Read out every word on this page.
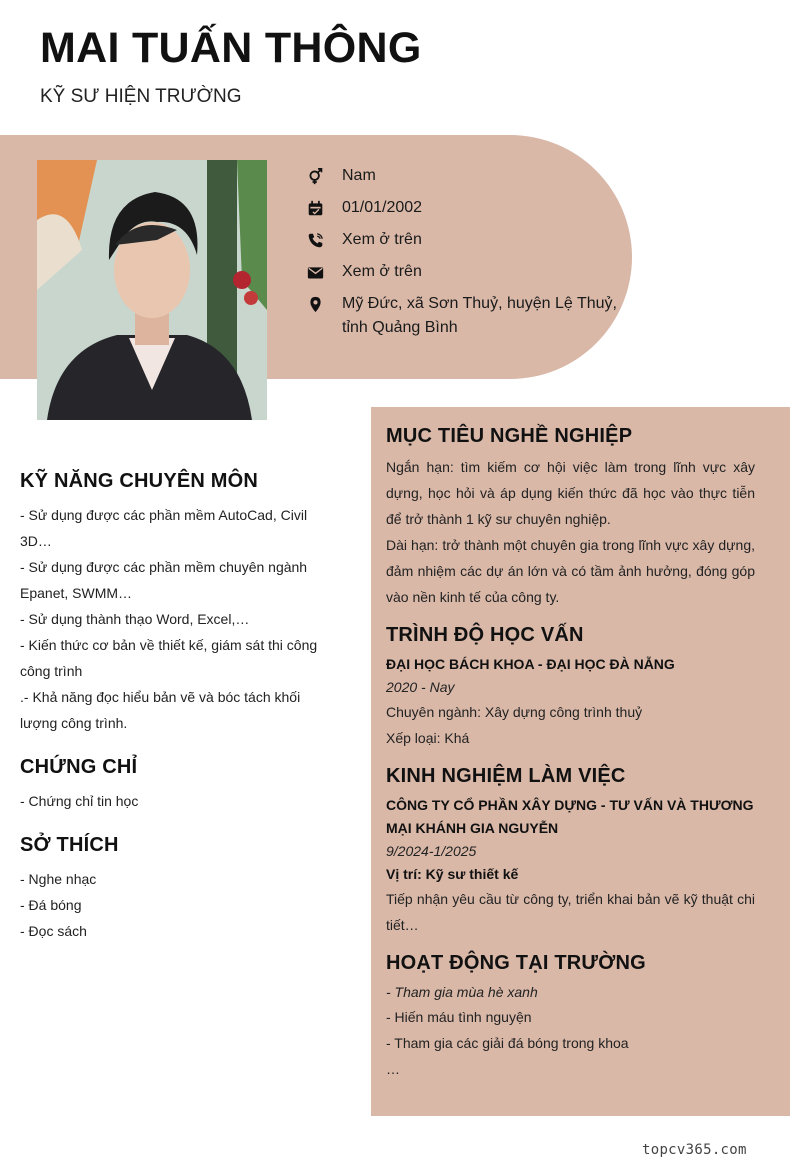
MAI TUẤN THÔNG
KỸ SƯ HIỆN TRƯỜNG
Nam
01/01/2002
Xem ở trên
Xem ở trên
Mỹ Đức, xã Sơn Thuỷ, huyện Lệ Thuỷ, tỉnh Quảng Bình
KỸ NĂNG CHUYÊN MÔN
- Sử dụng được các phần mềm AutoCad, Civil 3D…
- Sử dụng được các phần mềm chuyên ngành Epanet, SWMM…
- Sử dụng thành thạo Word, Excel,…
- Kiến thức cơ bản về thiết kế, giám sát thi công công trình
.- Khả năng đọc hiểu bản vẽ và bóc tách khối lượng công trình.
CHỨNG CHỈ
- Chứng chỉ tin học
SỞ THÍCH
- Nghe nhạc
- Đá bóng
- Đọc sách
MỤC TIÊU NGHỀ NGHIỆP
Ngắn hạn: tìm kiếm cơ hội việc làm trong lĩnh vực xây dựng, học hỏi và áp dụng kiến thức đã học vào thực tiễn để trở thành 1 kỹ sư chuyên nghiệp.
Dài hạn: trở thành một chuyên gia trong lĩnh vực xây dựng, đảm nhiệm các dự án lớn và có tầm ảnh hưởng, đóng góp vào nền kinh tế của công ty.
TRÌNH ĐỘ HỌC VẤN
ĐẠI HỌC BÁCH KHOA - ĐẠI HỌC ĐÀ NẴNG
2020 - Nay
Chuyên ngành: Xây dựng công trình thuỷ
Xếp loại: Khá
KINH NGHIỆM LÀM VIỆC
CÔNG TY CỔ PHẦN XÂY DỰNG - TƯ VẤN VÀ THƯƠNG MẠI KHÁNH GIA NGUYỄN
9/2024-1/2025
Vị trí: Kỹ sư thiết kế
Tiếp nhận yêu cầu từ công ty, triển khai bản vẽ kỹ thuật chi tiết…
HOẠT ĐỘNG TẠI TRƯỜNG
- Tham gia mùa hè xanh
- Hiến máu tình nguyện
- Tham gia các giải đá bóng trong khoa
…
topcv365.com
